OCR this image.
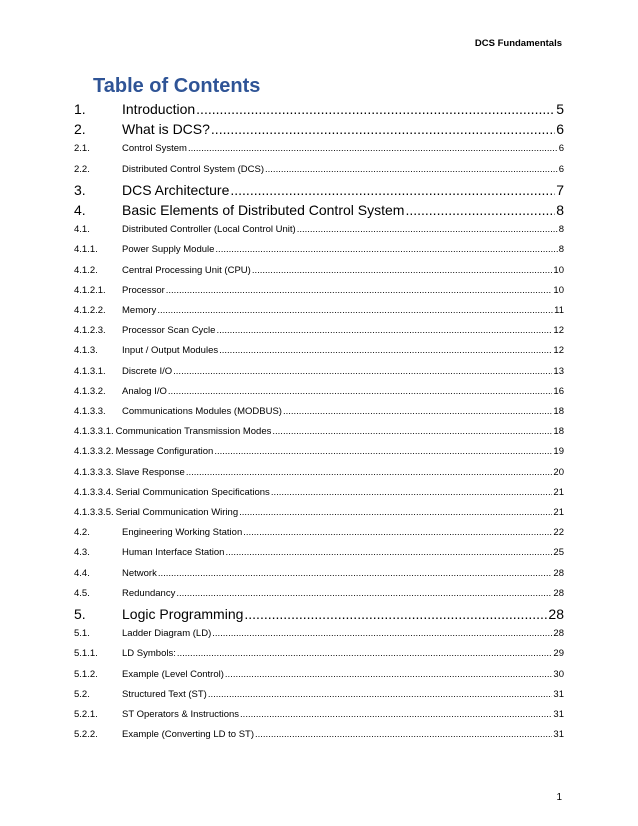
DCS Fundamentals
Table of Contents
1.	Introduction .....	5
2.	What is DCS? .....	6
2.1.	Control System .....	6
2.2.	Distributed Control System (DCS) .....	6
3.	DCS Architecture .....	7
4.	Basic Elements of Distributed Control System .....	8
4.1.	Distributed Controller (Local Control Unit) .....	8
4.1.1.	Power Supply Module .....	8
4.1.2.	Central Processing Unit (CPU) .....	10
4.1.2.1.	Processor .....	10
4.1.2.2.	Memory .....	11
4.1.2.3.	Processor Scan Cycle .....	12
4.1.3.	Input / Output Modules .....	12
4.1.3.1.	Discrete I/O .....	13
4.1.3.2.	Analog I/O .....	16
4.1.3.3.	Communications Modules (MODBUS) .....	18
4.1.3.3.1. Communication Transmission Modes .....	18
4.1.3.3.2. Message Configuration .....	19
4.1.3.3.3. Slave Response .....	20
4.1.3.3.4. Serial Communication Specifications .....	21
4.1.3.3.5. Serial Communication Wiring .....	21
4.2.	Engineering Working Station .....	22
4.3.	Human Interface Station .....	25
4.4.	Network .....	28
4.5.	Redundancy .....	28
5.	Logic Programming .....	28
5.1.	Ladder Diagram (LD) .....	28
5.1.1.	LD Symbols: .....	29
5.1.2.	Example (Level Control) .....	30
5.2.	Structured Text (ST) .....	31
5.2.1.	ST Operators & Instructions .....	31
5.2.2.	Example (Converting LD to ST) .....	31
1
